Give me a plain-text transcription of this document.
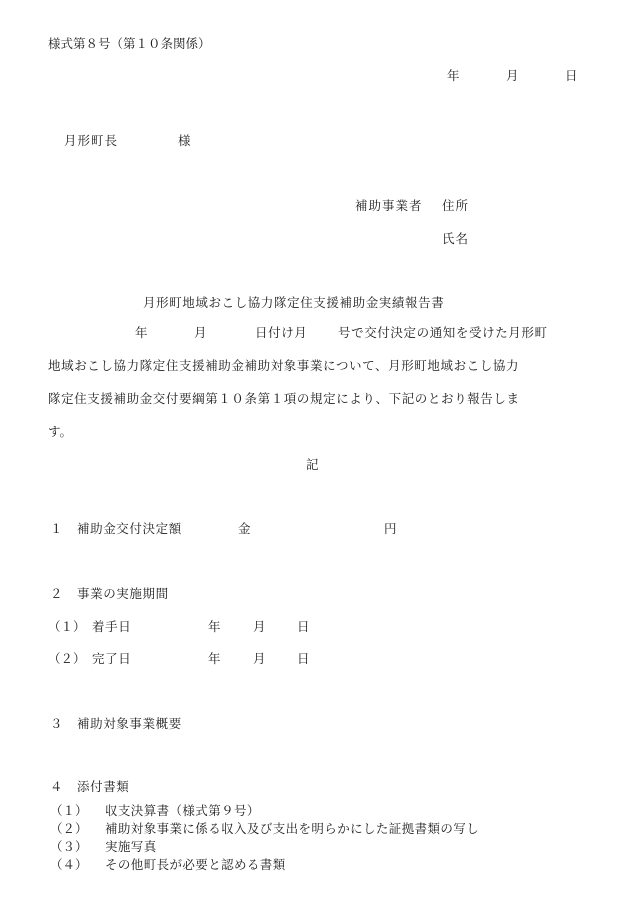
様式第８号（第１０条関係）
年	月	日
月形町長	様
補助事業者 住所
氏名
月形町地域おこし協力隊定住支援補助金実績報告書
年	月	日付け月 号で交付決定の通知を受けた月形町
地域おこし協力隊定住支援補助金補助対象事業について、月形町地域おこし協力
隊定住支援補助金交付要綱第１０条第１項の規定により、下記のとおり報告しま
す。
記
１ 補助金交付決定額	金	円
２ 事業の実施期間
（１） 着手日	年	月	日
（２） 完了日	年	月	日
３ 補助対象事業概要
４ 添付書類
（１） 収支決算書（様式第９号）
（２） 補助対象事業に係る収入及び支出を明らかにした証拠書類の写し
（３） 実施写真
（４） その他町長が必要と認める書類
